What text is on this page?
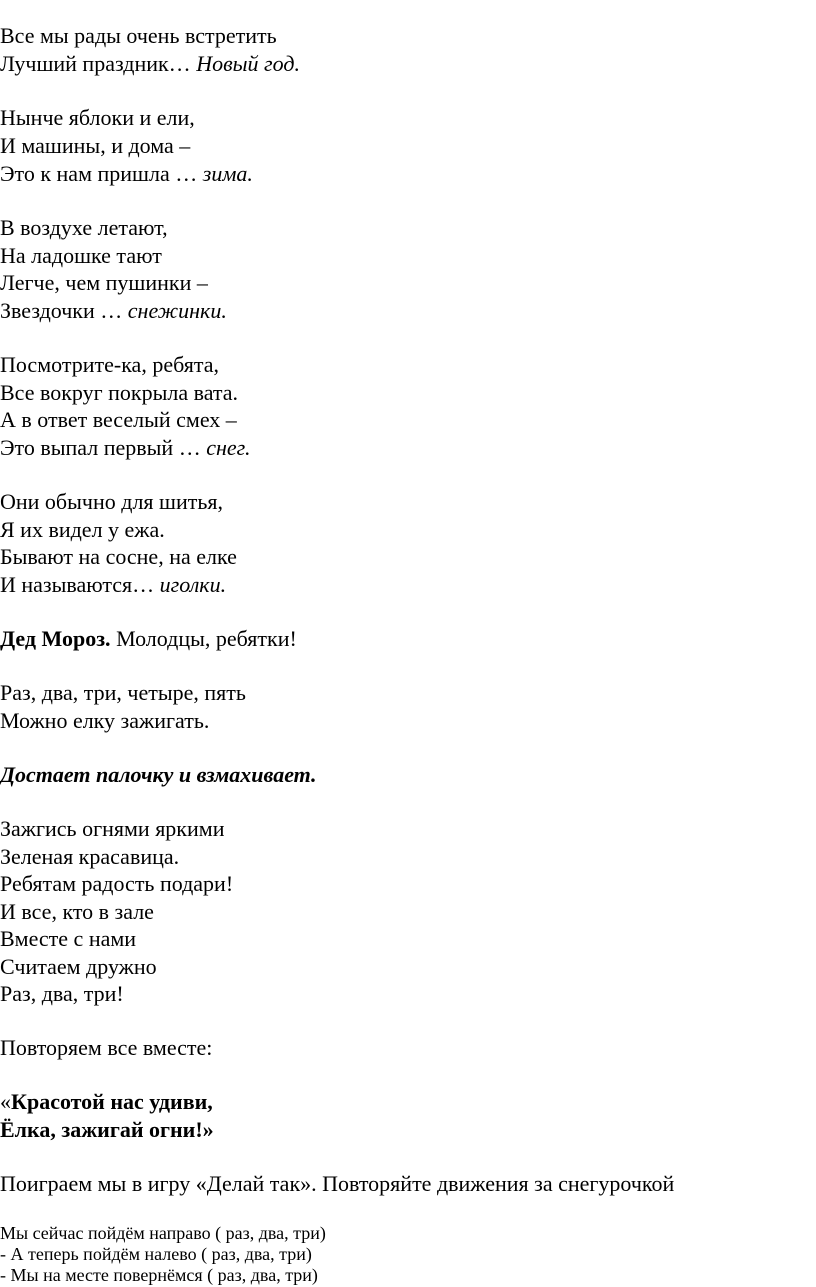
Все мы рады очень встретить
Лучший праздник… Новый год.
Нынче яблоки и ели,
И машины, и дома –
Это к нам пришла … зима.
В воздухе летают,
На ладошке тают
Легче, чем пушинки –
Звездочки … снежинки.
Посмотрите-ка, ребята,
Все вокруг покрыла вата.
А в ответ веселый смех –
Это выпал первый … снег.
Они обычно для шитья,
Я их видел у ежа.
Бывают на сосне, на елке
И называются… иголки.
Дед Мороз. Молодцы, ребятки!
Раз, два, три, четыре, пять
Можно елку зажигать.
Достает палочку и взмахивает.
Зажгись огнями яркими
Зеленая красавица.
Ребятам радость подари!
И все, кто в зале
Вместе с нами
Считаем дружно
Раз, два, три!
Повторяем все вместе:
«Красотой нас удиви,
Ёлка, зажигай огни!»
Поиграем мы в игру «Делай так». Повторяйте движения за снегурочкой
Мы сейчас пойдём направо ( раз, два, три)
- А теперь пойдём налево ( раз, два, три)
- Мы на месте повернёмся ( раз, два, три)
